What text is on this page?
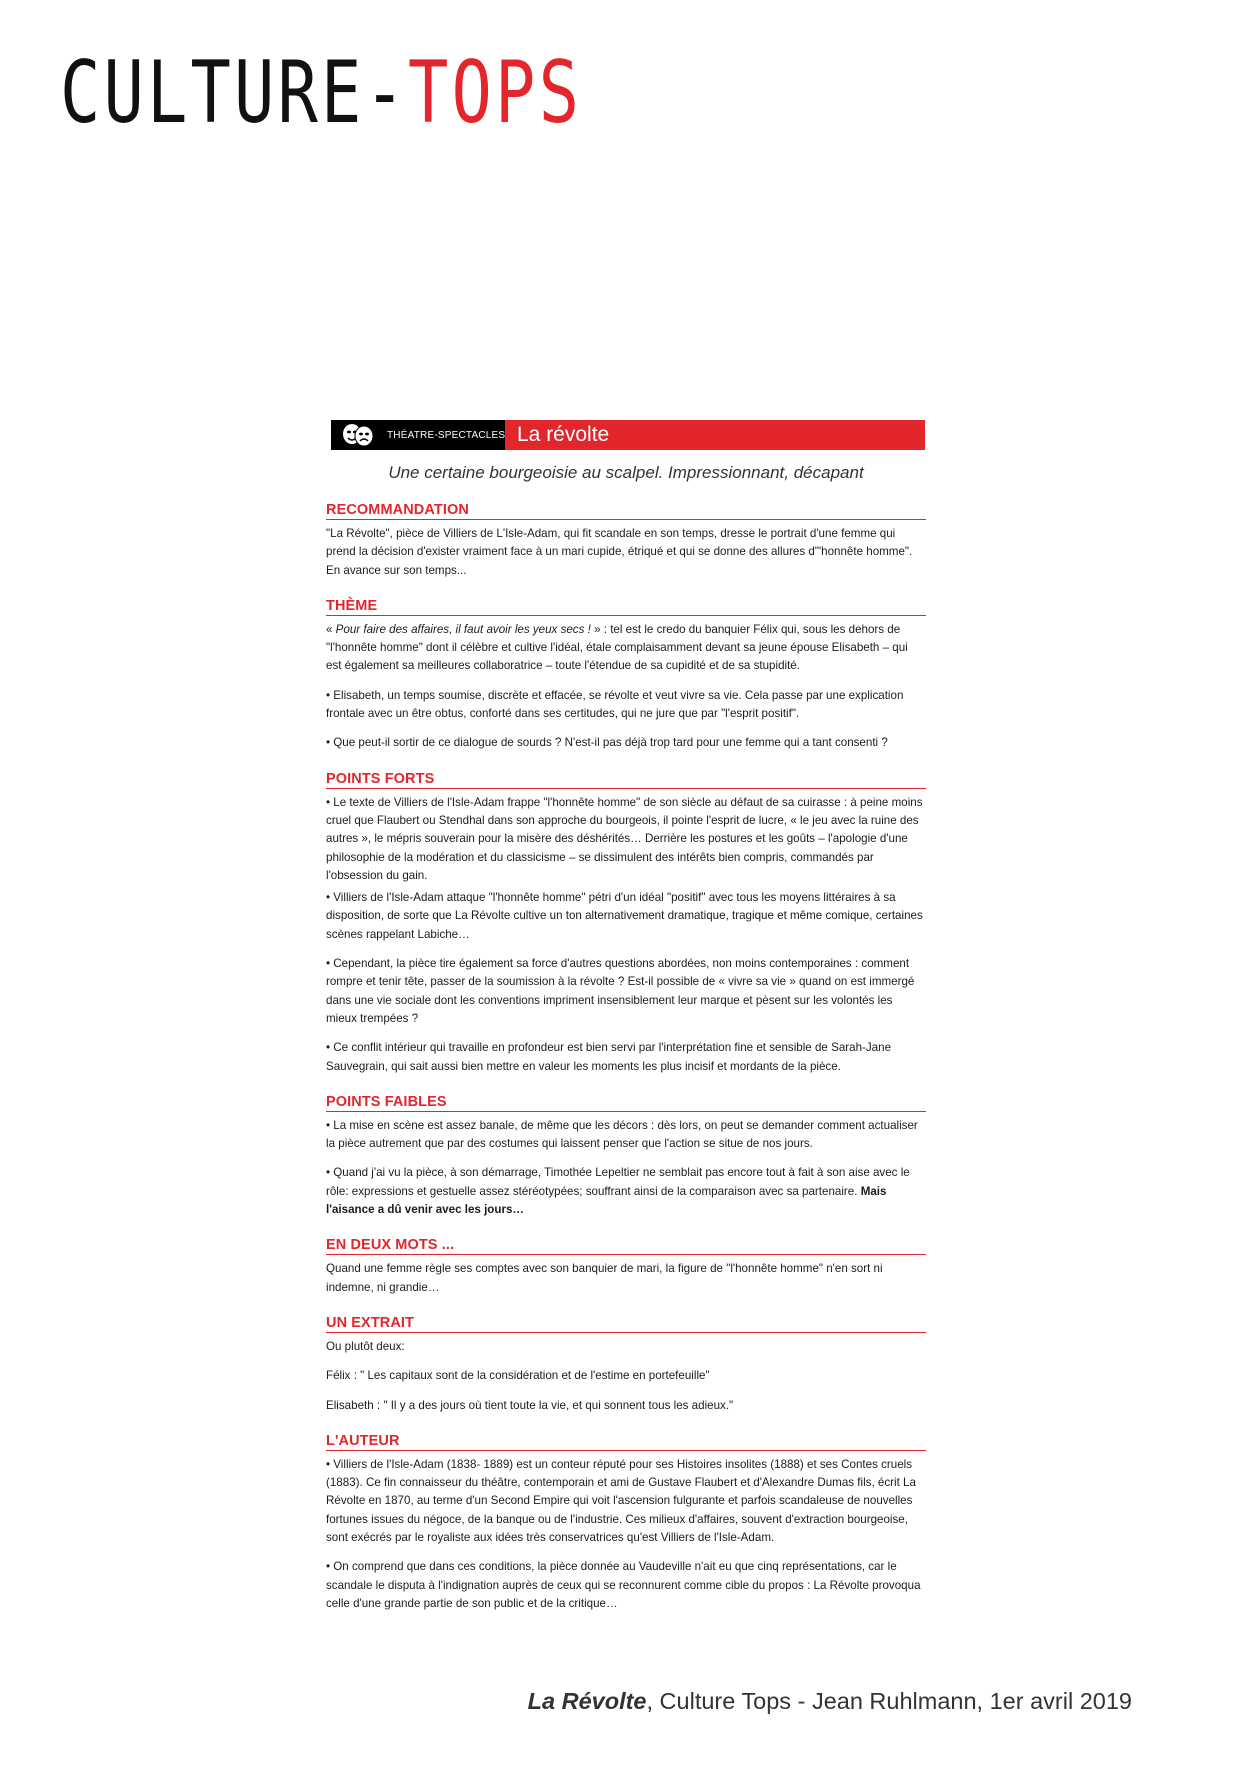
CULTURE-TOPS
THÉATRE-SPECTACLES La révolte
Une certaine bourgeoisie au scalpel. Impressionnant, décapant
RECOMMANDATION

"La Révolte", pièce de Villiers de L'Isle-Adam, qui fit scandale en son temps, dresse le portrait d'une femme qui prend la décision d'exister vraiment face à un mari cupide, étriqué et qui se donne des allures d'"honnête homme". En avance sur son temps...

THÈME

« Pour faire des affaires, il faut avoir les yeux secs ! » : tel est le credo du banquier Félix qui, sous les dehors de "l'honnête homme" dont il célèbre et cultive l'idéal, étale complaisamment devant sa jeune épouse Elisabeth – qui est également sa meilleures collaboratrice – toute l'étendue de sa cupidité et de sa stupidité.

• Elisabeth, un temps soumise, discrète et effacée, se révolte et veut vivre sa vie. Cela passe par une explication frontale avec un être obtus, conforté dans ses certitudes, qui ne jure que par "l'esprit positif".

• Que peut-il sortir de ce dialogue de sourds ? N'est-il pas déjà trop tard pour une femme qui a tant consenti ?

POINTS FORTS

• Le texte de Villiers de l'Isle-Adam frappe "l'honnête homme" de son siècle au défaut de sa cuirasse : à peine moins cruel que Flaubert ou Stendhal dans son approche du bourgeois, il pointe l'esprit de lucre, « le jeu avec la ruine des autres », le mépris souverain pour la misère des déshérités… Derrière les postures et les goûts – l'apologie d'une philosophie de la modération et du classicisme – se dissimulent des intérêts bien compris, commandés par l'obsession du gain.

• Villiers de l'Isle-Adam attaque "l'honnête homme" pétri d'un idéal "positif" avec tous les moyens littéraires à sa disposition, de sorte que La Révolte cultive un ton alternativement dramatique, tragique et même comique, certaines scènes rappelant Labiche…

• Cependant, la pièce tire également sa force d'autres questions abordées, non moins contemporaines : comment rompre et tenir tête, passer de la soumission à la révolte ? Est-il possible de « vivre sa vie » quand on est immergé dans une vie sociale dont les conventions impriment insensiblement leur marque et pèsent sur les volontés les mieux trempées ?

• Ce conflit intérieur qui travaille en profondeur est bien servi par l'interprétation fine et sensible de Sarah-Jane Sauvegrain, qui sait aussi bien mettre en valeur les moments les plus incisif et mordants de la pièce.

POINTS FAIBLES

• La mise en scène est assez banale, de même que les décors : dès lors, on peut se demander comment actualiser la pièce autrement que par des costumes qui laissent penser que l'action se situe de nos jours.

• Quand j'ai vu la pièce, à son démarrage, Timothée Lepeltier ne semblait pas encore tout à fait à son aise avec le rôle: expressions et gestuelle assez stéréotypées; souffrant ainsi de la comparaison avec sa partenaire. Mais l'aisance a dû venir avec les jours…

EN DEUX MOTS ...

Quand une femme règle ses comptes avec son banquier de mari, la figure de "l'honnête homme" n'en sort ni indemne, ni grandie…

UN EXTRAIT

Ou plutôt deux:

Félix : " Les capitaux sont de la considération et de l'estime en portefeuille"

Elisabeth : " Il y a des jours où tient toute la vie, et qui sonnent tous les adieux."

L'AUTEUR

• Villiers de l'Isle-Adam (1838- 1889) est un conteur réputé pour ses Histoires insolites (1888) et ses Contes cruels (1883). Ce fin connaisseur du théâtre, contemporain et ami de Gustave Flaubert et d'Alexandre Dumas fils, écrit La Révolte en 1870, au terme d'un Second Empire qui voit l'ascension fulgurante et parfois scandaleuse de nouvelles fortunes issues du négoce, de la banque ou de l'industrie. Ces milieux d'affaires, souvent d'extraction bourgeoise, sont exécrés par le royaliste aux idées très conservatrices qu'est Villiers de l'Isle-Adam.

• On comprend que dans ces conditions, la pièce donnée au Vaudeville n'ait eu que cinq représentations, car le scandale le disputa à l'indignation auprès de ceux qui se reconnurent comme cible du propos : La Révolte provoqua celle d'une grande partie de son public et de la critique…

La Révolte, Culture Tops - Jean Ruhlmann, 1er avril 2019
